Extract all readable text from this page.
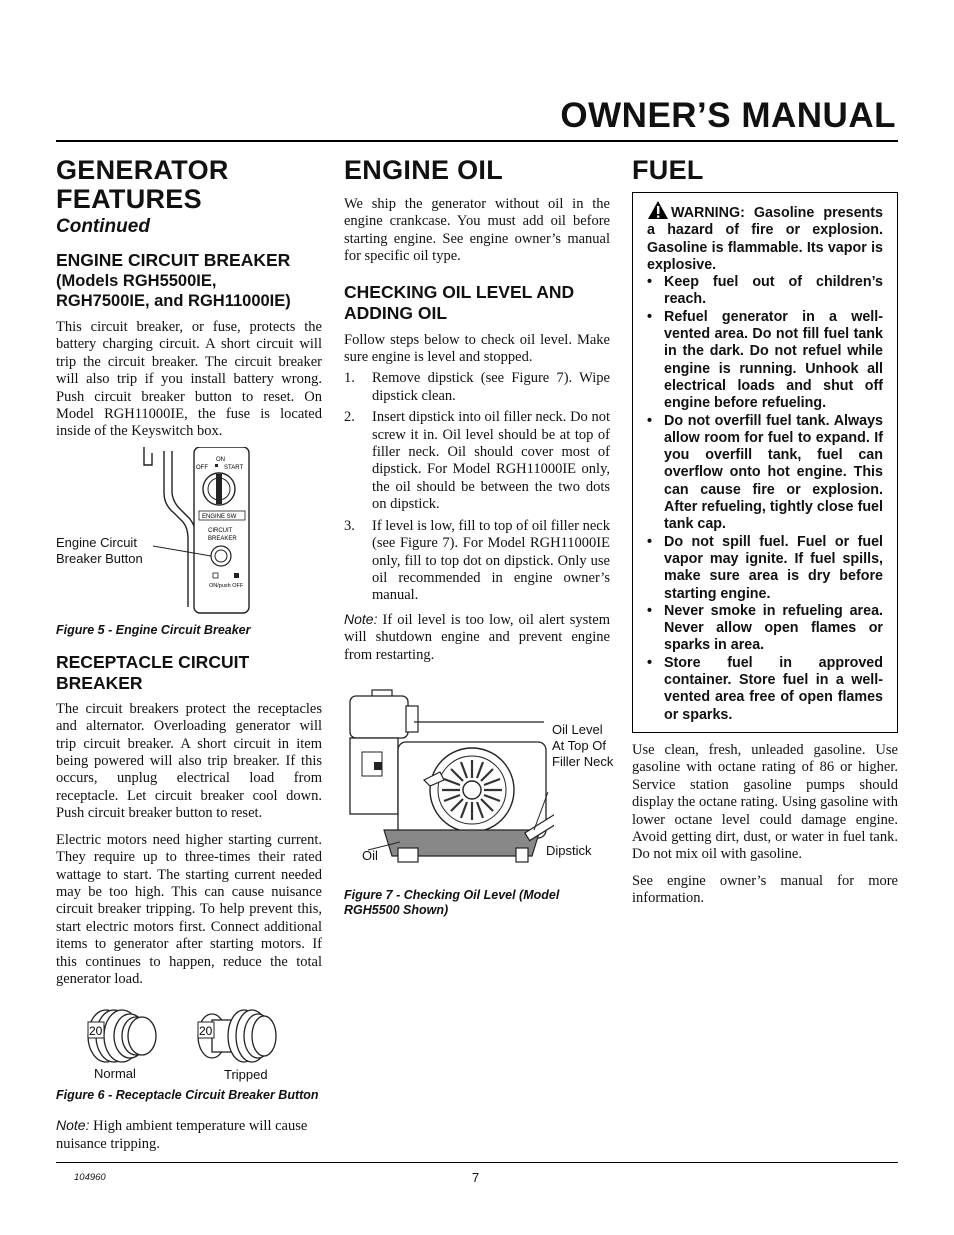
OWNER’S MANUAL
GENERATOR
FEATURES
Continued
ENGINE CIRCUIT BREAKER
(Models RGH5500IE,
RGH7500IE, and RGH11000IE)

This circuit breaker, or fuse, protects the battery charging circuit. A short circuit will trip the circuit breaker. The circuit breaker will also trip if you install battery wrong. Push circuit breaker button to reset. On Model RGH11000IE, the fuse is located inside of the Keyswitch box.

Engine Circuit
Breaker Button
ON
OFF	START
ENGINE SW
CIRCUIT
BREAKER
ON/push OFF

Figure 5 - Engine Circuit Breaker

RECEPTACLE CIRCUIT
BREAKER

The circuit breakers protect the receptacles and alternator. Overloading generator will trip circuit breaker. A short circuit in item being powered will also trip breaker. If this occurs, unplug electrical load from receptacle. Let circuit breaker cool down. Push circuit breaker button to reset.

Electric motors need higher starting current. They require up to three-times their rated wattage to start. The starting current needed may be too high. This can cause nuisance circuit breaker tripping. To help prevent this, start electric motors first. Connect additional items to generator after starting motors. If this continues to happen, reduce the total generator load.

20	20
Normal	Tripped

Figure 6 - Receptacle Circuit Breaker Button

Note: High ambient temperature will cause nuisance tripping.

ENGINE OIL

We ship the generator without oil in the engine crankcase. You must add oil before starting engine. See engine owner’s manual for specific oil type.

CHECKING OIL LEVEL AND
ADDING OIL

Follow steps below to check oil level. Make sure engine is level and stopped.

1.	Remove dipstick (see Figure 7). Wipe dipstick clean.
2.	Insert dipstick into oil filler neck. Do not screw it in. Oil level should be at top of filler neck. Oil should cover most of dipstick. For Model RGH11000IE only, the oil should be between the two dots on dipstick.
3.	If level is low, fill to top of oil filler neck (see Figure 7). For Model RGH11000IE only, fill to top dot on dipstick. Only use oil recommended in engine owner’s manual.

Note: If oil level is too low, oil alert system will shutdown engine and prevent engine from restarting.

Oil Level
At Top Of
Filler Neck
Oil	Dipstick

Figure 7 - Checking Oil Level (Model RGH5500 Shown)

FUEL

WARNING: Gasoline presents a hazard of fire or explosion. Gasoline is flammable. Its vapor is explosive.

• Keep fuel out of children’s reach.
• Refuel generator in a well-vented area. Do not fill fuel tank in the dark. Do not refuel while engine is running. Unhook all electrical loads and shut off engine before refueling.
• Do not overfill fuel tank. Always allow room for fuel to expand. If you overfill tank, fuel can overflow onto hot engine. This can cause fire or explosion. After refueling, tightly close fuel tank cap.
• Do not spill fuel. Fuel or fuel vapor may ignite. If fuel spills, make sure area is dry before starting engine.
• Never smoke in refueling area. Never allow open flames or sparks in area.
• Store fuel in approved container. Store fuel in a well-vented area free of open flames or sparks.

Use clean, fresh, unleaded gasoline. Use gasoline with octane rating of 86 or higher. Service station gasoline pumps should display the octane rating. Using gasoline with lower octane level could damage engine. Avoid getting dirt, dust, or water in fuel tank. Do not mix oil with gasoline.

See engine owner’s manual for more information.

104960	7
